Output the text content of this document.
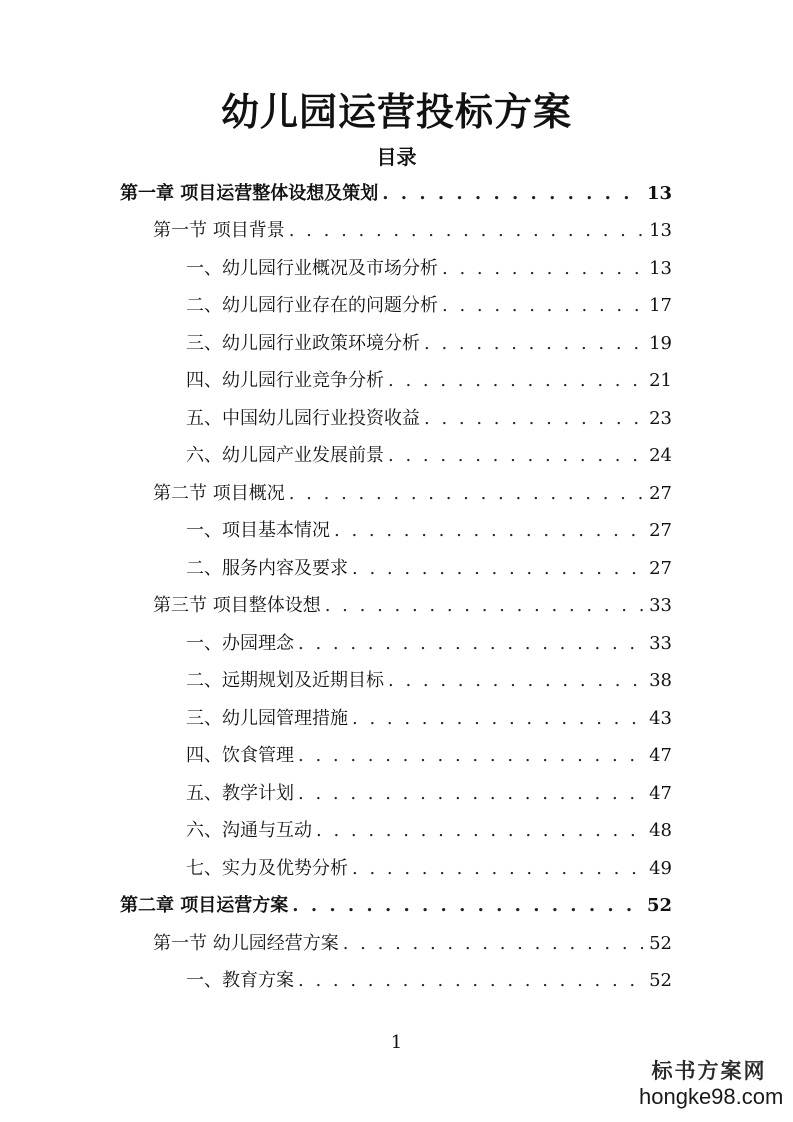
幼儿园运营投标方案
目录
第一章 项目运营整体设想及策划 . . .	13
第一节 项目背景 . . .	13
一、幼儿园行业概况及市场分析 . . .	13
二、幼儿园行业存在的问题分析 . . .	17
三、幼儿园行业政策环境分析 . . .	19
四、幼儿园行业竞争分析 . . .	21
五、中国幼儿园行业投资收益 . . .	23
六、幼儿园产业发展前景 . . .	24
第二节 项目概况 . . .	27
一、项目基本情况 . . .	27
二、服务内容及要求 . . .	27
第三节 项目整体设想 . . .	33
一、办园理念 . . .	33
二、远期规划及近期目标 . . .	38
三、幼儿园管理措施 . . .	43
四、饮食管理 . . .	47
五、教学计划 . . .	47
六、沟通与互动 . . .	48
七、实力及优势分析 . . .	49
第二章 项目运营方案 . . .	52
第一节 幼儿园经营方案 . . .	52
一、教育方案 . . .	52
1
标书方案网
hongke98.com
